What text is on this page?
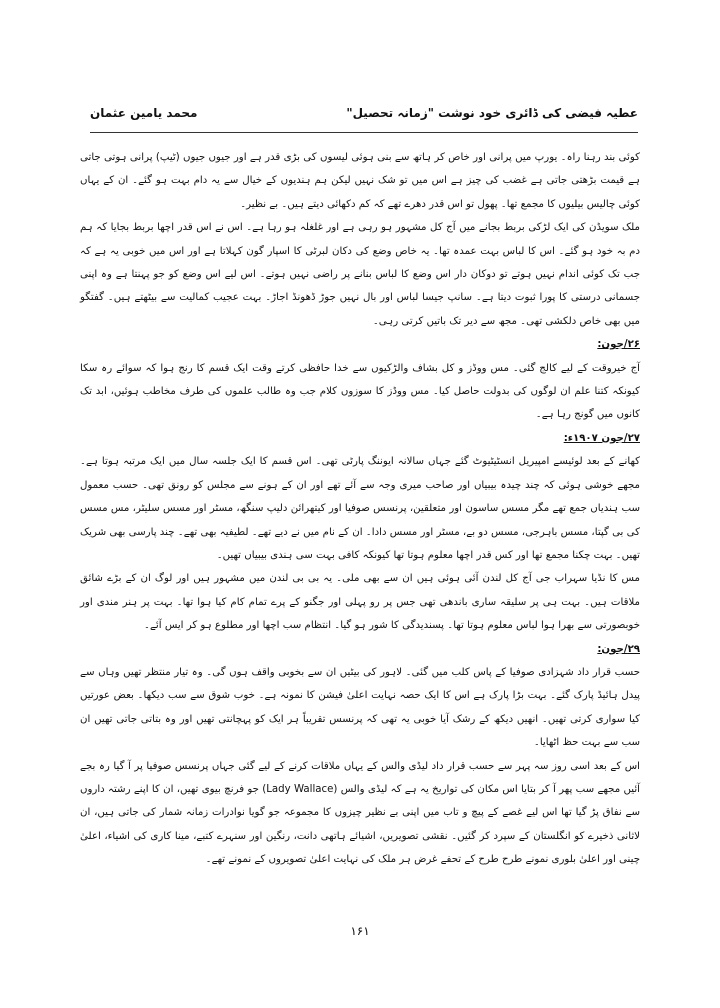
محمد یامین عثمان	عطیہ فیضی کی ڈائری خود نوشت "زمانہ تحصیل"

کوئی بند رہنا راہ۔ یورپ میں پرانی اور خاص کر ہاتھ سے بنی ہوئی لیسوں کی بڑی قدر ہے اور جیوں جیوں (ٹیپ) پرانی ہوتی جاتی ہے قیمت بڑھتی جاتی ہے غضب کی چیز ہے اس میں تو شک نہیں لیکن ہم ہندیوں کے خیال سے یہ دام بہت ہو گئے۔ ان کے یہاں کوئی چالیس بیلیوں کا مجمع تھا۔ پھول تو اس قدر دھرے تھے کہ کم دکھائی دیتے ہیں۔ بے نظیر۔

ملک سویڈن کی ایک لڑکی بربط بجانے میں آج کل مشہور ہو رہی ہے اور غلغلہ ہو رہا ہے۔ اس نے اس قدر اچھا بربط بجایا کہ ہم دم بہ خود ہو گئے۔ اس کا لباس بہت عمدہ تھا۔ یہ خاص وضع کی دکان لبرٹی کا اسپار گون کہلاتا ہے اور اس میں خوبی یہ ہے کہ جب تک کوئی اندام نہیں ہوتے تو دوکان دار اس وضع کا لباس بنانے پر راضی نہیں ہوتے۔ اس لیے اس وضع کو جو پہنتا ہے وہ اپنی جسمانی درستی کا پورا ثبوت دیتا ہے۔ سانپ جیسا لباس اور بال نہیں جوڑ ڈھونڈ اجاڑ۔ بہت عجیب کمالیت سے بیٹھتے ہیں۔ گفتگو میں بھی خاص دلکشی تھی۔ مجھ سے دیر تک باتیں کرتی رہی۔

۲۶/جون:

آج خیروقت کے لیے کالج گئی۔ مس ووڈز و کل بشاف والڑکیوں سے خدا حافظی کرتے وقت ایک قسم کا رنج ہوا کہ سوائے رہ سکا کیونکہ کتنا علم ان لوگوں کی بدولت حاصل کیا۔ مس ووڈز کا سوزوں کلام جب وہ طالب علموں کی طرف مخاطب ہوئیں، ابد تک کانوں میں گونج رہا ہے۔

۲۷/جون ۱۹۰۷ء:

کھانے کے بعد لوئیسے امپیریل انسٹیٹیوٹ گئے جہاں سالانہ ایوننگ پارٹی تھی۔ اس قسم کا ایک جلسہ سال میں ایک مرتبہ ہوتا ہے۔ مجھے خوشی ہوئی کہ چند چیدہ بیبیاں اور صاحب میری وجہ سے آئے تھے اور ان کے ہونے سے مجلس کو رونق تھی۔ حسب معمول سب ہندیاں جمع تھے مگر مسس ساسون اور متعلقین، پرنسس صوفیا اور کیتھرائن دلیپ سنگھ، مسٹر اور مسس سلیٹر، مس مسس کی بی گپتا، مسس باہرجی، مسس دو بے، مسٹر اور مسس دادا۔ ان کے نام میں نے دیے تھے۔ لطیفیہ بھی تھے۔ چند پارسی بھی شریک تھیں۔ بہت چکنا مجمع تھا اور کس قدر اچھا معلوم ہوتا تھا کیونکہ کافی بہت سی ہندی بیبیاں تھیں۔

مس کا نڈیا سہراب جی آج کل لندن آئی ہوئی ہیں ان سے بھی ملی۔ یہ بی بی لندن میں مشہور ہیں اور لوگ ان کے بڑے شائق ملاقات ہیں۔ بہت ہی پر سلیقہ ساری باندھی تھی جس پر رو پہلی اور جگنو کے پرے تمام کام کیا ہوا تھا۔ بہت پر ہنر مندی اور خوبصورتی سے بھرا ہوا لباس معلوم ہوتا تھا۔ پسندیدگی کا شور ہو گیا۔ انتظام سب اچھا اور مطلوع ہو کر ایس آئے۔

۲۹/جون:

حسب قرار داد شہزادی صوفیا کے پاس کلب میں گئی۔ لاہور کی بیٹیں ان سے بخوبی واقف ہوں گی۔ وہ تیار منتظر تھیں وہاں سے پیدل ہائیڈ پارک گئے۔ بہت بڑا پارک ہے اس کا ایک حصہ نہایت اعلیٰ فیشن کا نمونہ ہے۔ خوب شوق سے سب دیکھا۔ بعض عورتیں کیا سواری کرتی تھیں۔ انھیں دیکھ کے رشک آیا خوبی یہ تھی کہ پرنسس تقریباً ہر ایک کو پہچانتی تھیں اور وہ بتاتی جاتی تھیں ان سب سے بہت حظ اٹھایا۔

اس کے بعد اسی روز سہ پہر سے حسب قرار داد لیڈی والس کے یہاں ملاقات کرنے کے لیے گئی جہاں پرنسس صوفیا پر آ گیا رہ بجے آئیں مجھے سب پھر آ کر بتایا اس مکان کی تواریخ یہ ہے کہ لیڈی والس (Lady Wallace) جو فرنچ بیوی تھیں، ان کا اپنے رشتہ داروں سے نفاق پڑ گیا تھا اس لیے غصے کے پیچ و تاب میں اپنی بے نظیر چیزوں کا مجموعہ جو گویا نوادرات زمانہ شمار کی جاتی ہیں، ان لاثانی ذخیرے کو انگلستان کے سپرد کر گئیں۔ نقشی تصویریں، اشیائے ہاتھی دانت، رنگین اور سنہرے کتبے، مینا کاری کی اشیاء، اعلیٰ چینی اور اعلیٰ بلوری نمونے طرح طرح کے تحفے غرض ہر ملک کی نہایت اعلیٰ تصویروں کے نمونے تھے۔

۱۶۱
